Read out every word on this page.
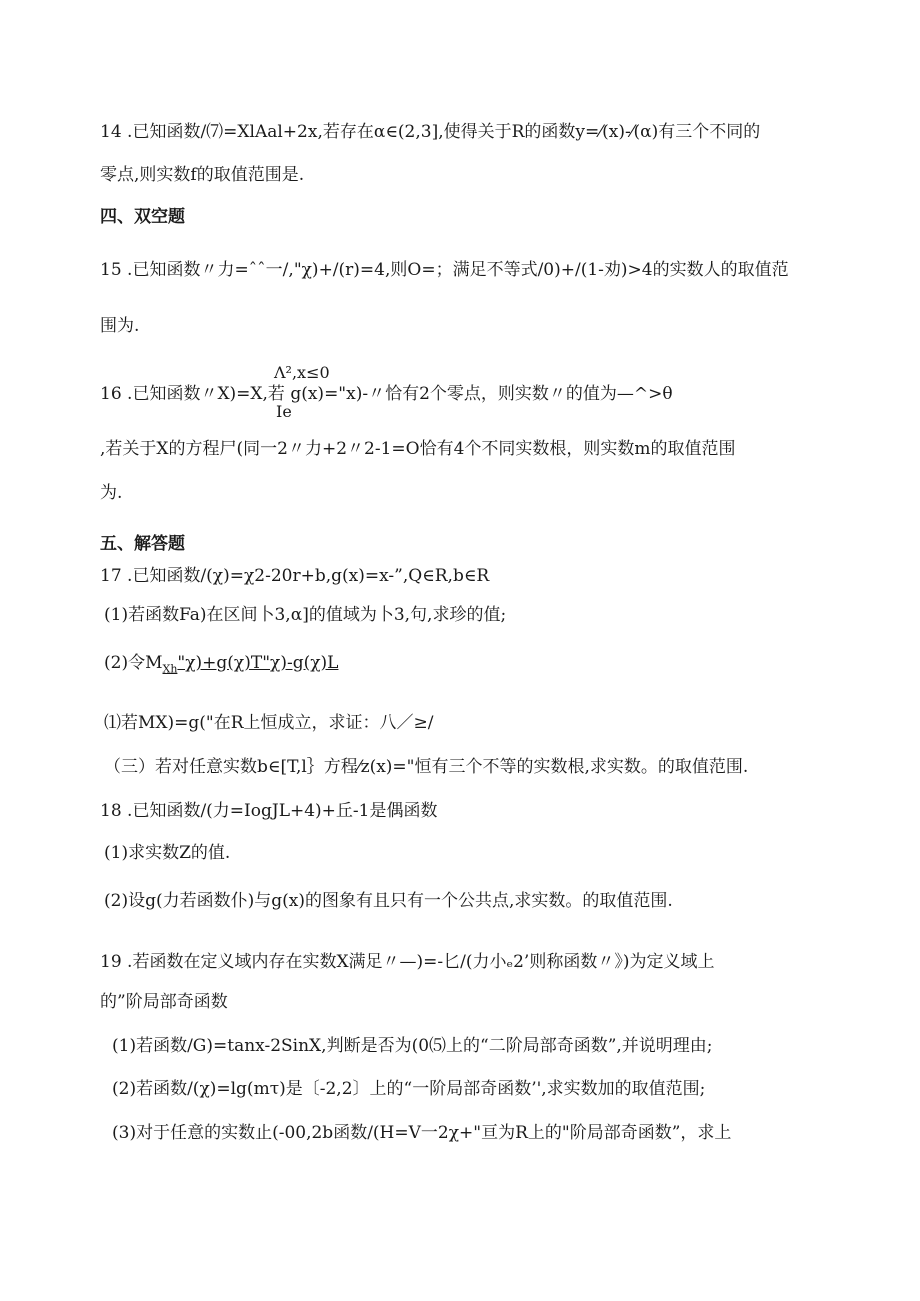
14 .已知函数/⑺=XlAal+2x,若存在α∈(2,3],使得关于R的函数y=⁄(x)-⁄(α)有三个不同的
零点,则实数f的取值范围是.
四、双空题
15 .已知函数〃力=ˆˆ一/,"χ)+/(r)=4,则O=；满足不等式/0)+/(1-劝)>4的实数人的取值范
围为.
Λ²,x≤0
16 .已知函数〃X)=X,若 g(x)="x)-〃恰有2个零点，则实数〃的值为—^>θ
Ie
,若关于X的方程尸(同一2〃力+2〃2-1=O恰有4个不同实数根，则实数m的取值范围
为.
五、解答题
17 .已知函数/(χ)=χ2-20r+b,g(x)=x-”,Q∈R,b∈R
(1)若函数Fa)在区间卜3,α]的值域为卜3,句,求珍的值;
(2)令$M_{Xh}"\chi)+g(\chi)T"\chi)-g(\chi)L$
⑴若MX)=g("在R上恒成立，求证：八／≥/
（三）若对任意实数b∈[T,l｝方程⁄z(x)="恒有三个不等的实数根,求实数。的取值范围.
18 .已知函数/(力=IogJL+4)+丘-1是偶函数
(1)求实数Z的值.
(2)设g(力若函数仆)与g(x)的图象有且只有一个公共点,求实数。的取值范围.
19 .若函数在定义域内存在实数X满足〃—)=-匕/(力小ₑ2’则称函数〃》)为定义域上
的”阶局部奇函数
(1)若函数/G)=tanx-2SinX,判断是否为(0⑸上的“二阶局部奇函数”,并说明理由;
(2)若函数/(χ)=lg(mτ)是〔-2,2〕上的“一阶局部奇函数’',求实数加的取值范围;
(3)对于任意的实数止(-00,2b函数/(H=V一2χ+"亘为R上的"阶局部奇函数”，求上
